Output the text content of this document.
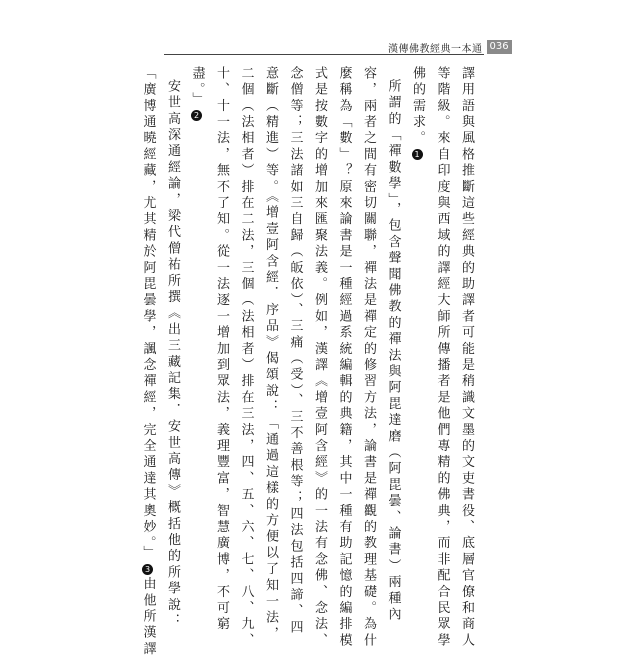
漢傳佛教經典一本通 036
譯用語與風格推斷這些經典的助譯者可能是稍識文墨的文吏書役、底層官僚和商人
等階級。來自印度與西域的譯經大師所傳播者是他們專精的佛典，而非配合民眾學
佛的需求。1
所謂的「禪數學」，包含聲聞佛教的禪法與阿毘達磨（阿毘曇、論書）兩種內
容，兩者之間有密切關聯，禪法是禪定的修習方法，論書是禪觀的教理基礎。為什
麼稱為「數」？原來論書是一種經過系統編輯的典籍，其中一種有助記憶的編排模
式是按數字的增加來匯聚法義。例如，漢譯《增壹阿含經》的一法有念佛、念法、
念僧等；三法諸如三自歸（皈依）、三痛（受）、三不善根等；四法包括四諦、四
意斷（精進）等。《增壹阿含經．序品》偈頌說：「通過這樣的方便以了知一法，
二個（法相者）排在二法，三個（法相者）排在三法，四、五、六、七、八、九、
十、十一法，無不了知。從一法逐一增加到眾法，義理豐富，智慧廣博，不可窮
盡。」2
安世高深通經論，梁代僧祐所撰《出三藏記集．安世高傳》概括他的所學說：
「廣博通曉經藏，尤其精於阿毘曇學，諷念禪經，完全通達其奧妙。」3由他所漢譯
